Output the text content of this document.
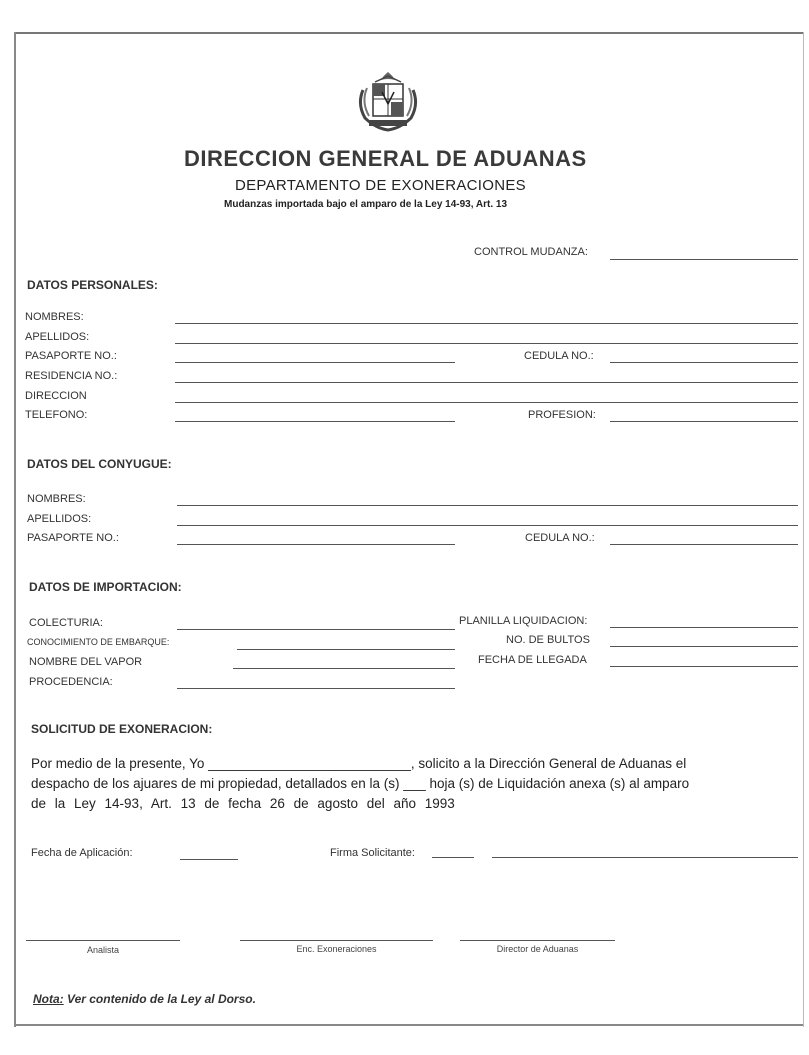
DIRECCION GENERAL DE ADUANAS
DEPARTAMENTO DE EXONERACIONES
Mudanzas importada bajo el amparo de la Ley 14-93, Art. 13
CONTROL MUDANZA:
DATOS PERSONALES:
NOMBRES:
APELLIDOS:
PASAPORTE NO.:	CEDULA NO.:
RESIDENCIA NO.:
DIRECCION
TELEFONO:	PROFESION:
DATOS DEL CONYUGUE:
NOMBRES:
APELLIDOS:
PASAPORTE NO.:	CEDULA NO.:
DATOS DE IMPORTACION:
COLECTURIA:	PLANILLA LIQUIDACION:
CONOCIMIENTO DE EMBARQUE:	NO. DE BULTOS
NOMBRE DEL VAPOR	FECHA DE LLEGADA
PROCEDENCIA:
SOLICITUD DE EXONERACION:
Por medio de la presente, Yo ___________________________, solicito a la Dirección General de Aduanas el
despacho de los ajuares de mi propiedad, detallados en la (s) ___ hoja (s) de Liquidación anexa (s) al amparo
de la Ley 14-93, Art. 13 de fecha 26 de agosto del año 1993
Fecha de Aplicación:	Firma Solicitante:
Analista	Enc. Exoneraciones	Director de Aduanas
Nota: Ver contenido de la Ley al Dorso.
